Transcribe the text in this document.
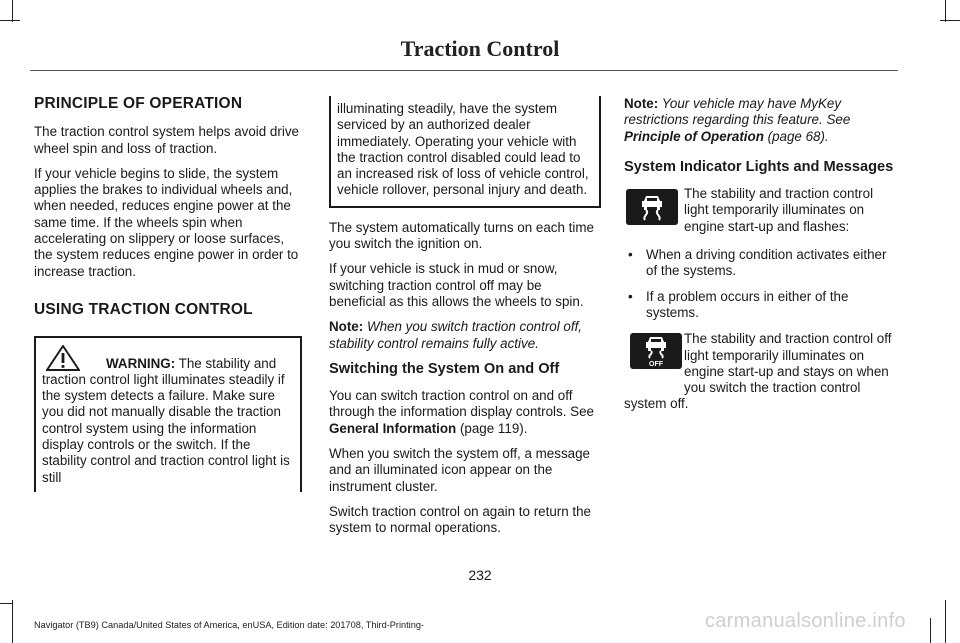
Traction Control
PRINCIPLE OF OPERATION

The traction control system helps avoid drive wheel spin and loss of traction.

If your vehicle begins to slide, the system applies the brakes to individual wheels and, when needed, reduces engine power at the same time. If the wheels spin when accelerating on slippery or loose surfaces, the system reduces engine power in order to increase traction.

USING TRACTION CONTROL

WARNING: The stability and traction control light illuminates steadily if the system detects a failure. Make sure you did not manually disable the traction control system using the information display controls or the switch. If the stability control and traction control light is still

illuminating steadily, have the system serviced by an authorized dealer immediately. Operating your vehicle with the traction control disabled could lead to an increased risk of loss of vehicle control, vehicle rollover, personal injury and death.

The system automatically turns on each time you switch the ignition on.

If your vehicle is stuck in mud or snow, switching traction control off may be beneficial as this allows the wheels to spin.

Note: When you switch traction control off, stability control remains fully active.

Switching the System On and Off

You can switch traction control on and off through the information display controls. See General Information (page 119).

When you switch the system off, a message and an illuminated icon appear on the instrument cluster.

Switch traction control on again to return the system to normal operations.

Note: Your vehicle may have MyKey restrictions regarding this feature. See Principle of Operation (page 68).

System Indicator Lights and Messages

The stability and traction control light temporarily illuminates on engine start-up and flashes:

• When a driving condition activates either of the systems.
• If a problem occurs in either of the systems.
OFF

The stability and traction control off light temporarily illuminates on engine start-up and stays on when you switch the traction control system off.

232
Navigator (TB9) Canada/United States of America, enUSA, Edition date: 201708, Third-Printing-	carmanualsonline.info
